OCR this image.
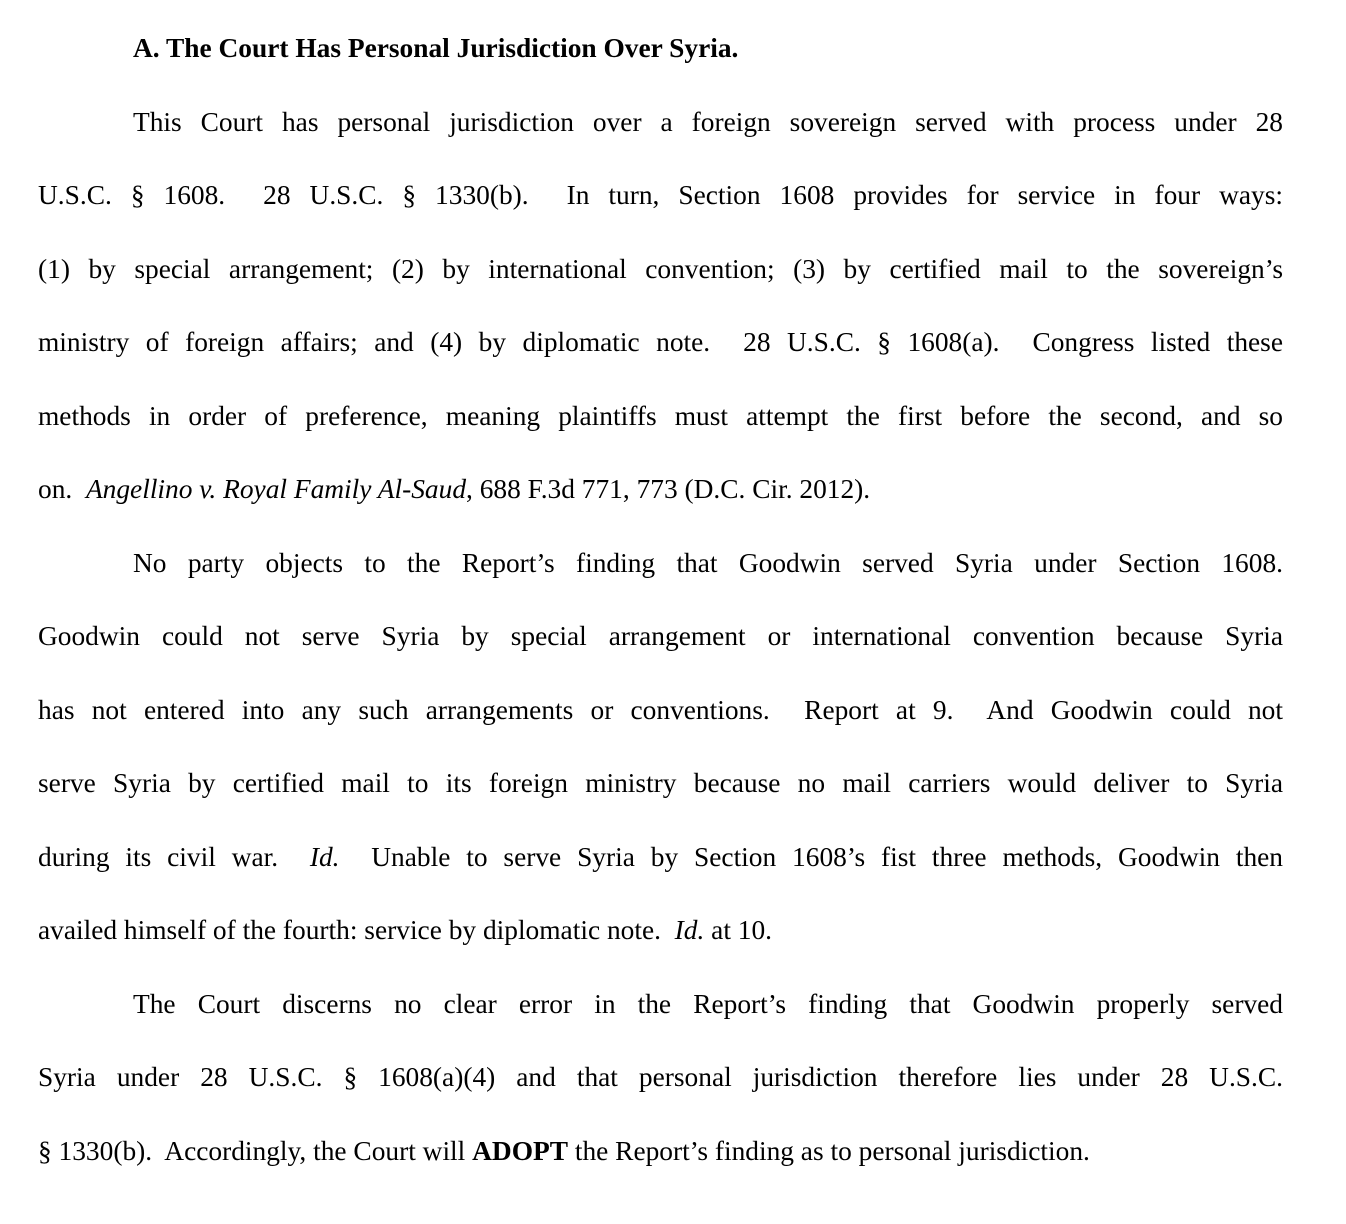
A. The Court Has Personal Jurisdiction Over Syria.
This Court has personal jurisdiction over a foreign sovereign served with process under 28
U.S.C. § 1608.  28 U.S.C. § 1330(b).  In turn, Section 1608 provides for service in four ways:
(1) by special arrangement; (2) by international convention; (3) by certified mail to the sovereign’s
ministry of foreign affairs; and (4) by diplomatic note.  28 U.S.C. § 1608(a).  Congress listed these
methods in order of preference, meaning plaintiffs must attempt the first before the second, and so
on.  Angellino v. Royal Family Al-Saud, 688 F.3d 771, 773 (D.C. Cir. 2012).
No party objects to the Report’s finding that Goodwin served Syria under Section 1608.
Goodwin could not serve Syria by special arrangement or international convention because Syria
has not entered into any such arrangements or conventions.  Report at 9.  And Goodwin could not
serve Syria by certified mail to its foreign ministry because no mail carriers would deliver to Syria
during its civil war.  Id.  Unable to serve Syria by Section 1608’s fist three methods, Goodwin then
availed himself of the fourth: service by diplomatic note.  Id. at 10.
The Court discerns no clear error in the Report’s finding that Goodwin properly served
Syria under 28 U.S.C. § 1608(a)(4) and that personal jurisdiction therefore lies under 28 U.S.C.
§ 1330(b).  Accordingly, the Court will ADOPT the Report’s finding as to personal jurisdiction.
